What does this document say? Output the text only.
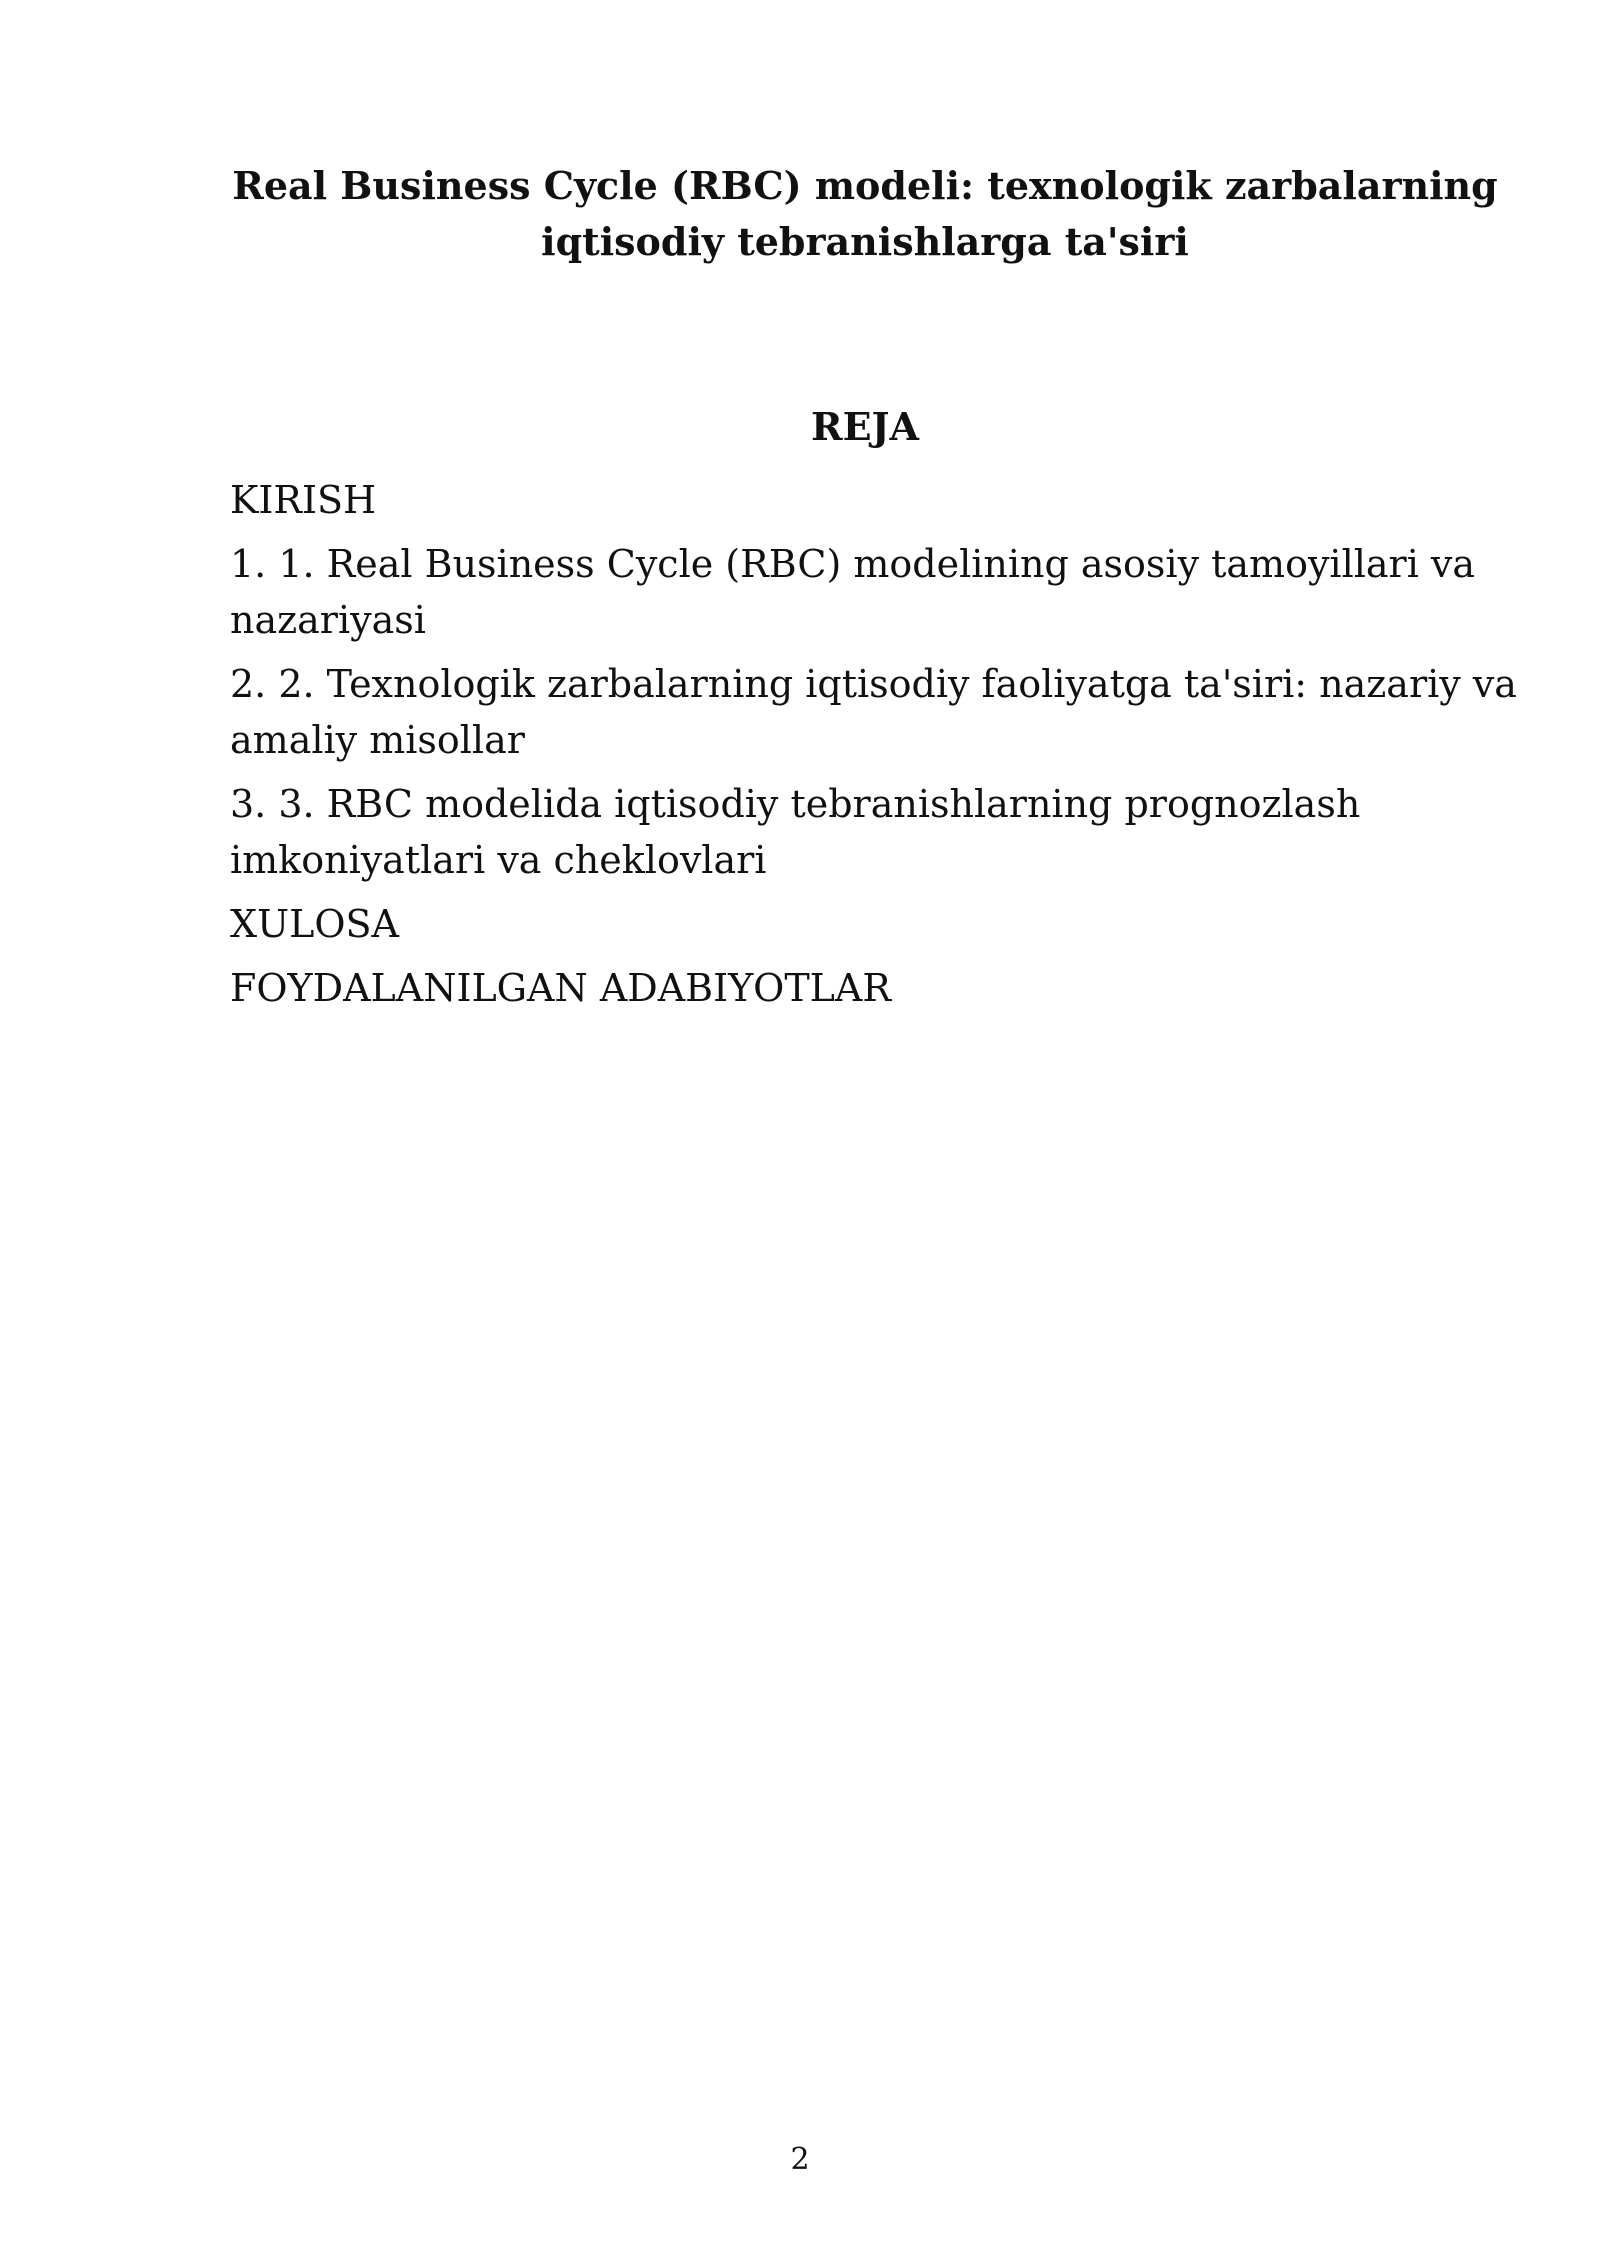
Real Business Cycle (RBC) modeli: texnologik zarbalarning
iqtisodiy tebranishlarga ta'siri
REJA
KIRISH
1. 1. Real Business Cycle (RBC) modelining asosiy tamoyillari va nazariyasi
2. 2. Texnologik zarbalarning iqtisodiy faoliyatga ta'siri: nazariy va amaliy misollar
3. 3. RBC modelida iqtisodiy tebranishlarning prognozlash imkoniyatlari va cheklovlari
XULOSA
FOYDALANILGAN ADABIYOTLAR
2
